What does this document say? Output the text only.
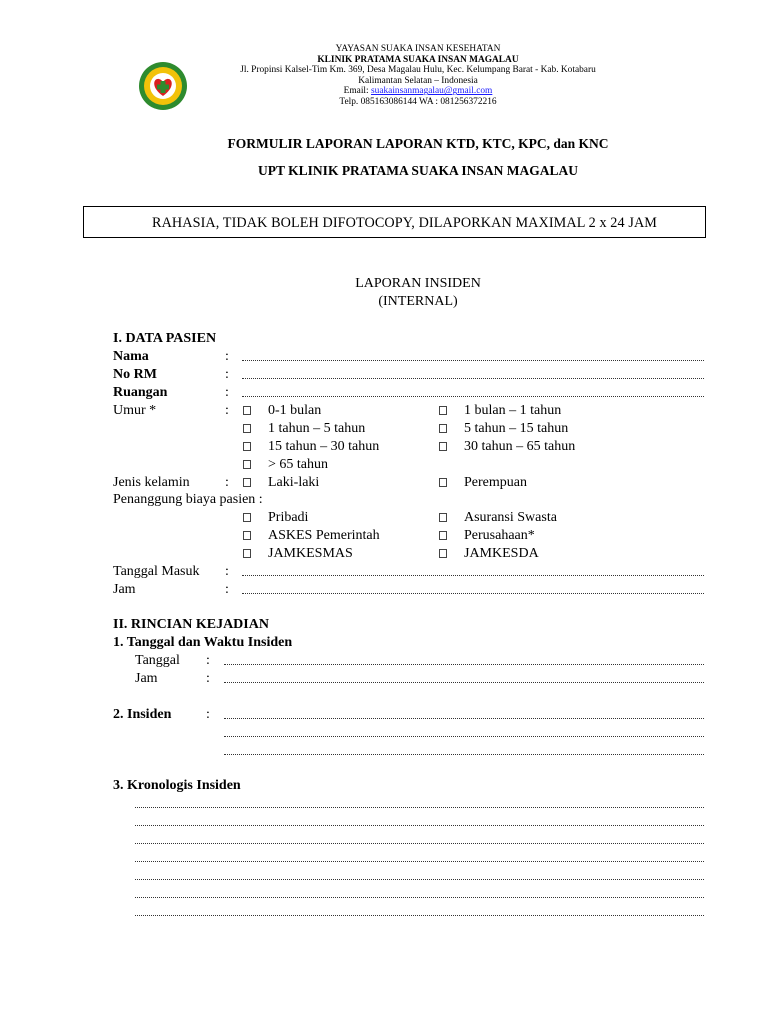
YAYASAN SUAKA INSAN KESEHATAN
KLINIK PRATAMA SUAKA INSAN MAGALAU
Jl. Propinsi Kalsel-Tim Km. 369, Desa Magalau Hulu, Kec. Kelumpang Barat - Kab. Kotabaru
Kalimantan Selatan – Indonesia
Email: suakainsanmagalau@gmail.com
Telp. 085163086144 WA : 081256372216
FORMULIR LAPORAN LAPORAN KTD, KTC, KPC, dan KNC
UPT KLINIK PRATAMA SUAKA INSAN MAGALAU
RAHASIA, TIDAK BOLEH DIFOTOCOPY, DILAPORKAN MAXIMAL 2 x 24 JAM
LAPORAN INSIDEN
(INTERNAL)
I. DATA PASIEN
Nama	:
No RM	:
Ruangan	:
Umur *	:	0-1 bulan	1 bulan – 1 tahun
1 tahun – 5 tahun	5 tahun – 15 tahun
15 tahun – 30 tahun	30 tahun – 65 tahun
> 65 tahun
Jenis kelamin	:	Laki-laki	Perempuan
Penanggung biaya pasien :
Pribadi	Asuransi Swasta
ASKES Pemerintah	Perusahaan*
JAMKESMAS	JAMKESDA
Tanggal Masuk :
Jam	:
II. RINCIAN KEJADIAN
1. Tanggal dan Waktu Insiden
Tanggal :
Jam	:
2. Insiden :
3. Kronologis Insiden
